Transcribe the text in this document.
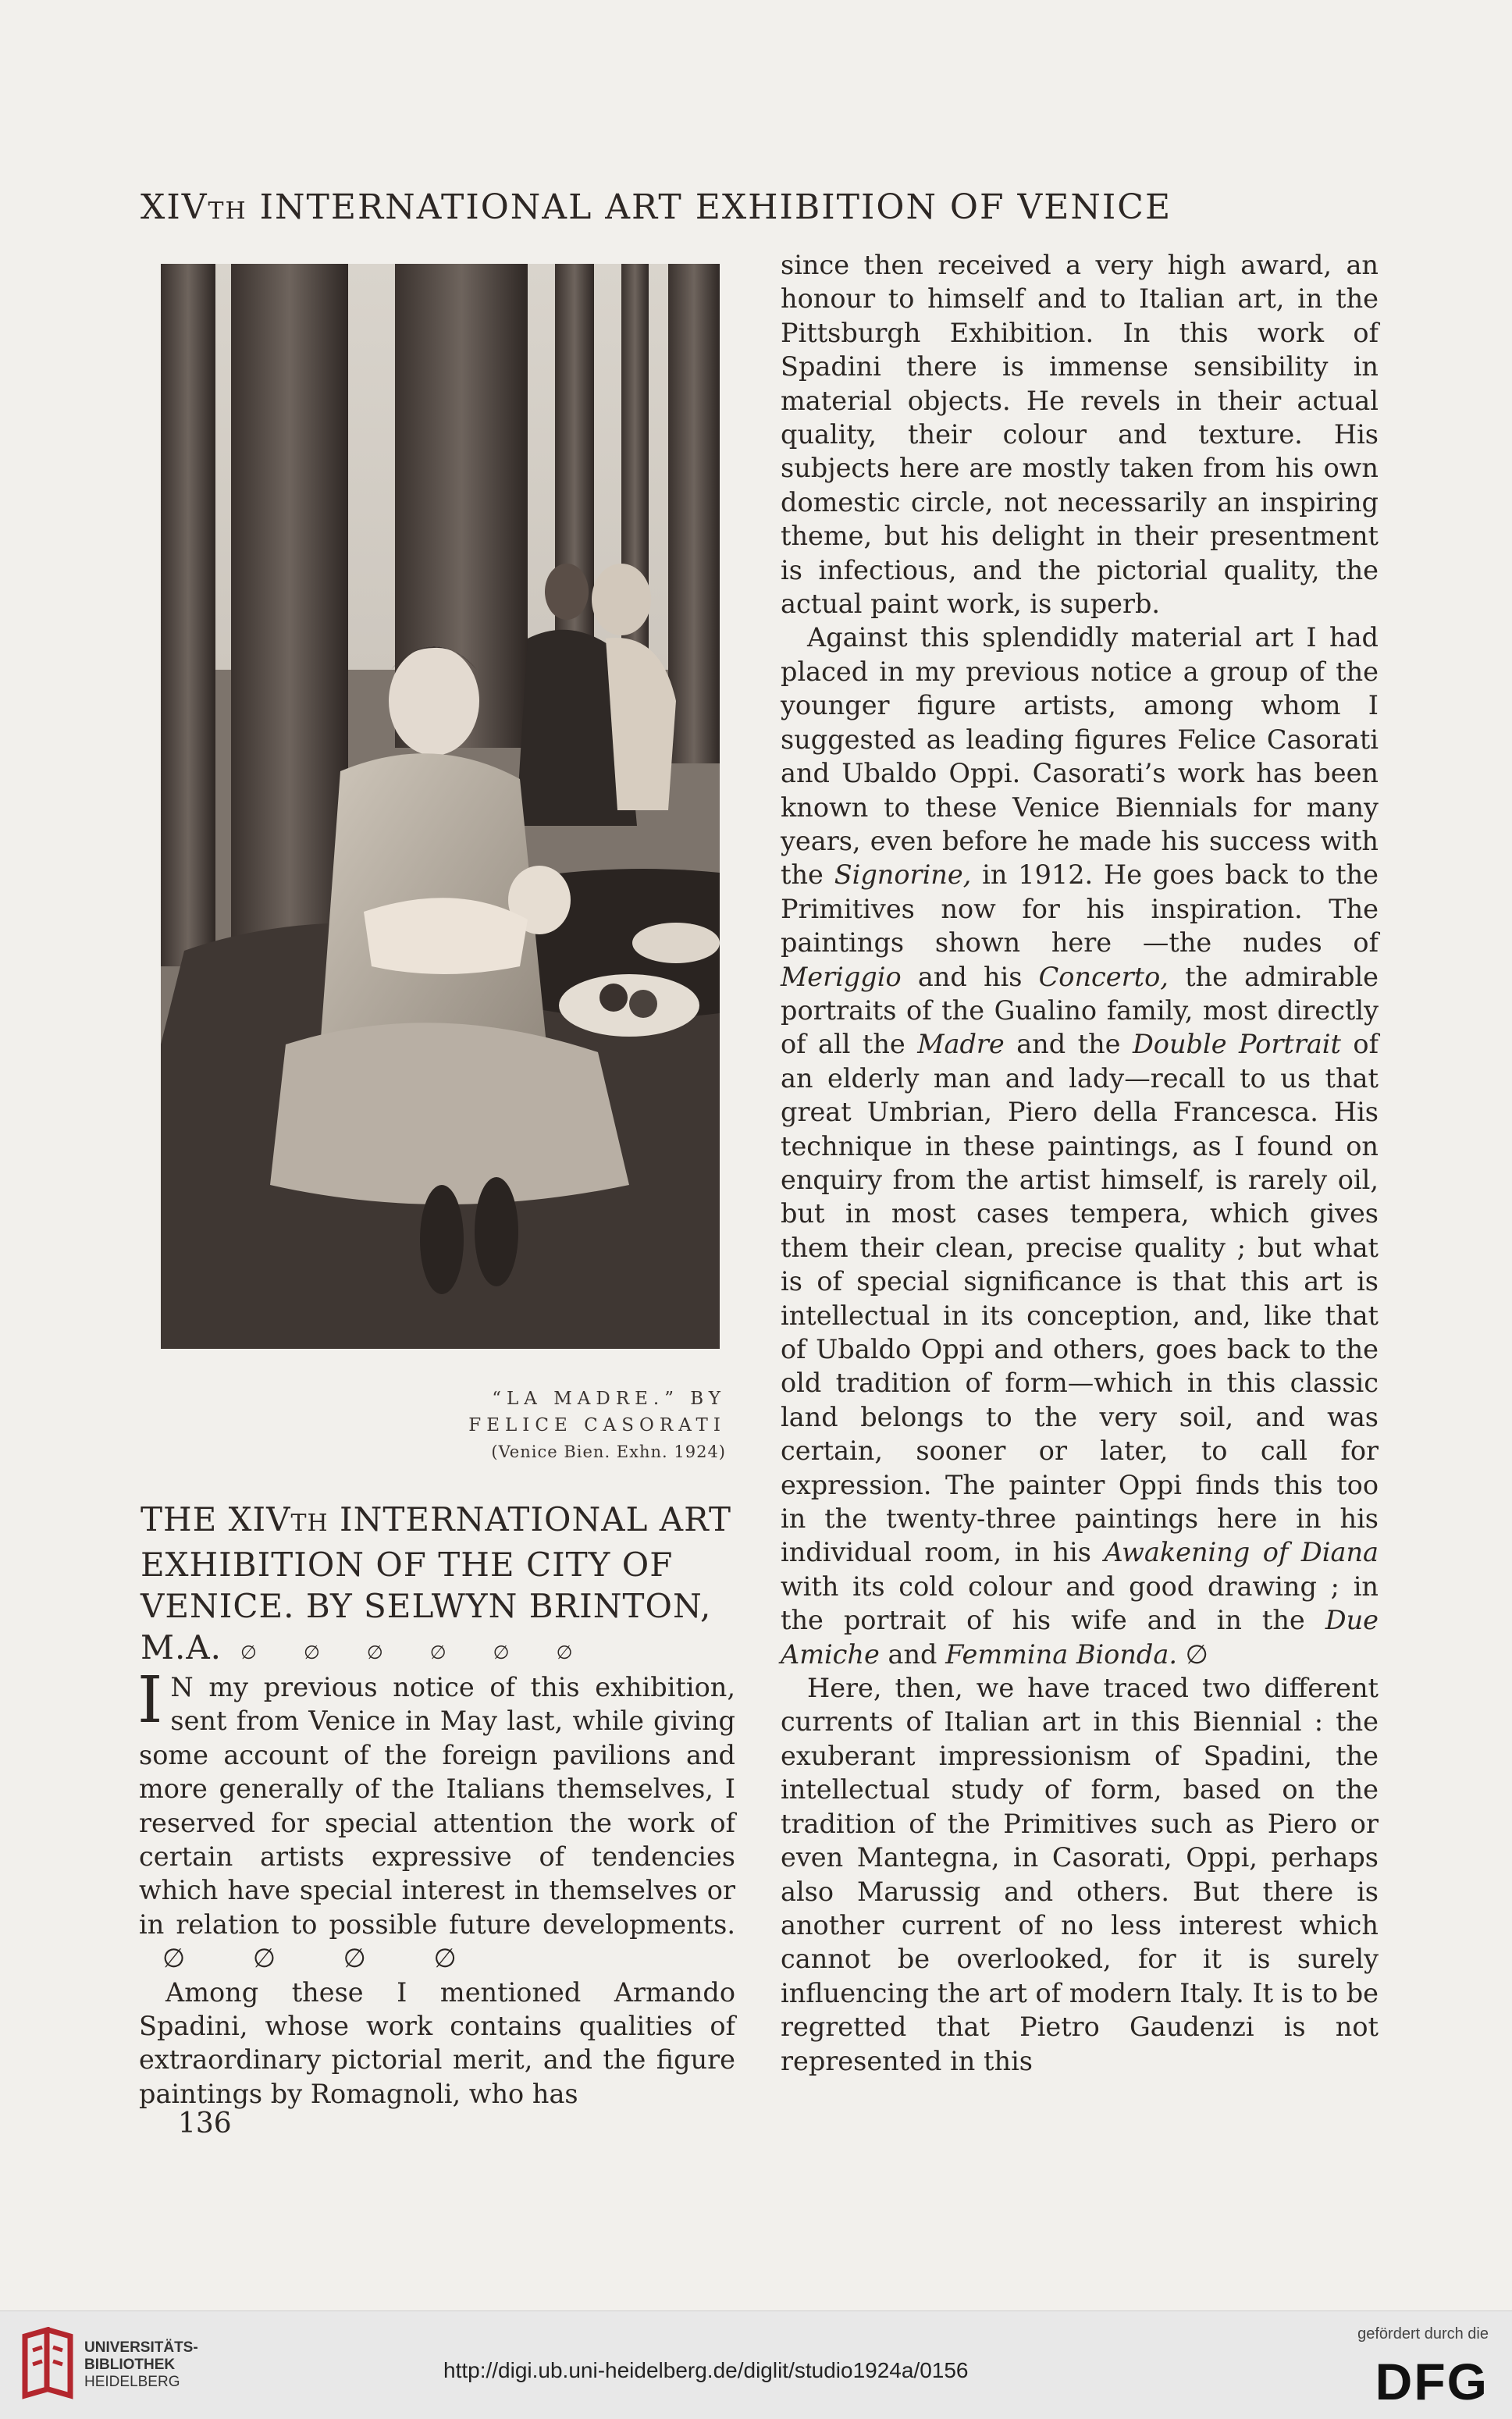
XIVTH INTERNATIONAL ART EXHIBITION OF VENICE
“LA MADRE.” BY
FELICE CASORATI
(Venice Bien. Exhn. 1924)
THE XIVTH INTERNATIONAL ART EXHIBITION OF THE CITY OF VENICE. BY SELWYN BRINTON, M.A. ∅∅∅∅∅∅

I N my previous notice of this exhibition, sent from Venice in May last, while giving some account of the foreign pavilions and more generally of the Italians themselves, I reserved for special attention the work of certain artists expressive of tendencies which have special interest in themselves or in relation to possible future developments. ∅ ∅ ∅ ∅

Among these I mentioned Armando Spadini, whose work contains qualities of extraordinary pictorial merit, and the figure paintings by Romagnoli, who has

since then received a very high award, an honour to himself and to Italian art, in the Pittsburgh Exhibition. In this work of Spadini there is immense sensibility in material objects. He revels in their actual quality, their colour and texture. His subjects here are mostly taken from his own domestic circle, not necessarily an inspiring theme, but his delight in their presentment is infectious, and the pictorial quality, the actual paint work, is superb.

Against this splendidly material art I had placed in my previous notice a group of the younger figure artists, among whom I suggested as leading figures Felice Casorati and Ubaldo Oppi. Casorati’s work has been known to these Venice Biennials for many years, even before he made his success with the Signorine, in 1912. He goes back to the Primitives now for his inspiration. The paintings shown here —the nudes of Meriggio and his Concerto, the admirable portraits of the Gualino family, most directly of all the Madre and the Double Portrait of an elderly man and lady—recall to us that great Umbrian, Piero della Francesca. His technique in these paintings, as I found on enquiry from the artist himself, is rarely oil, but in most cases tempera, which gives them their clean, precise quality ; but what is of special significance is that this art is intellectual in its conception, and, like that of Ubaldo Oppi and others, goes back to the old tradition of form—which in this classic land belongs to the very soil, and was certain, sooner or later, to call for expression. The painter Oppi finds this too in the twenty-three paintings here in his individual room, in his Awakening of Diana with its cold colour and good drawing ; in the portrait of his wife and in the Due Amiche and Femmina Bionda. ∅

Here, then, we have traced two different currents of Italian art in this Biennial : the exuberant impressionism of Spadini, the intellectual study of form, based on the tradition of the Primitives such as Piero or even Mantegna, in Casorati, Oppi, perhaps also Marussig and others. But there is another current of no less interest which cannot be overlooked, for it is surely influencing the art of modern Italy. It is to be regretted that Pietro Gaudenzi is not represented in this

136
UNIVERSITÄTS-
BIBLIOTHEK
HEIDELBERG	http://digi.ub.uni-heidelberg.de/diglit/studio1924a/0156
gefördert durch die
DFG
